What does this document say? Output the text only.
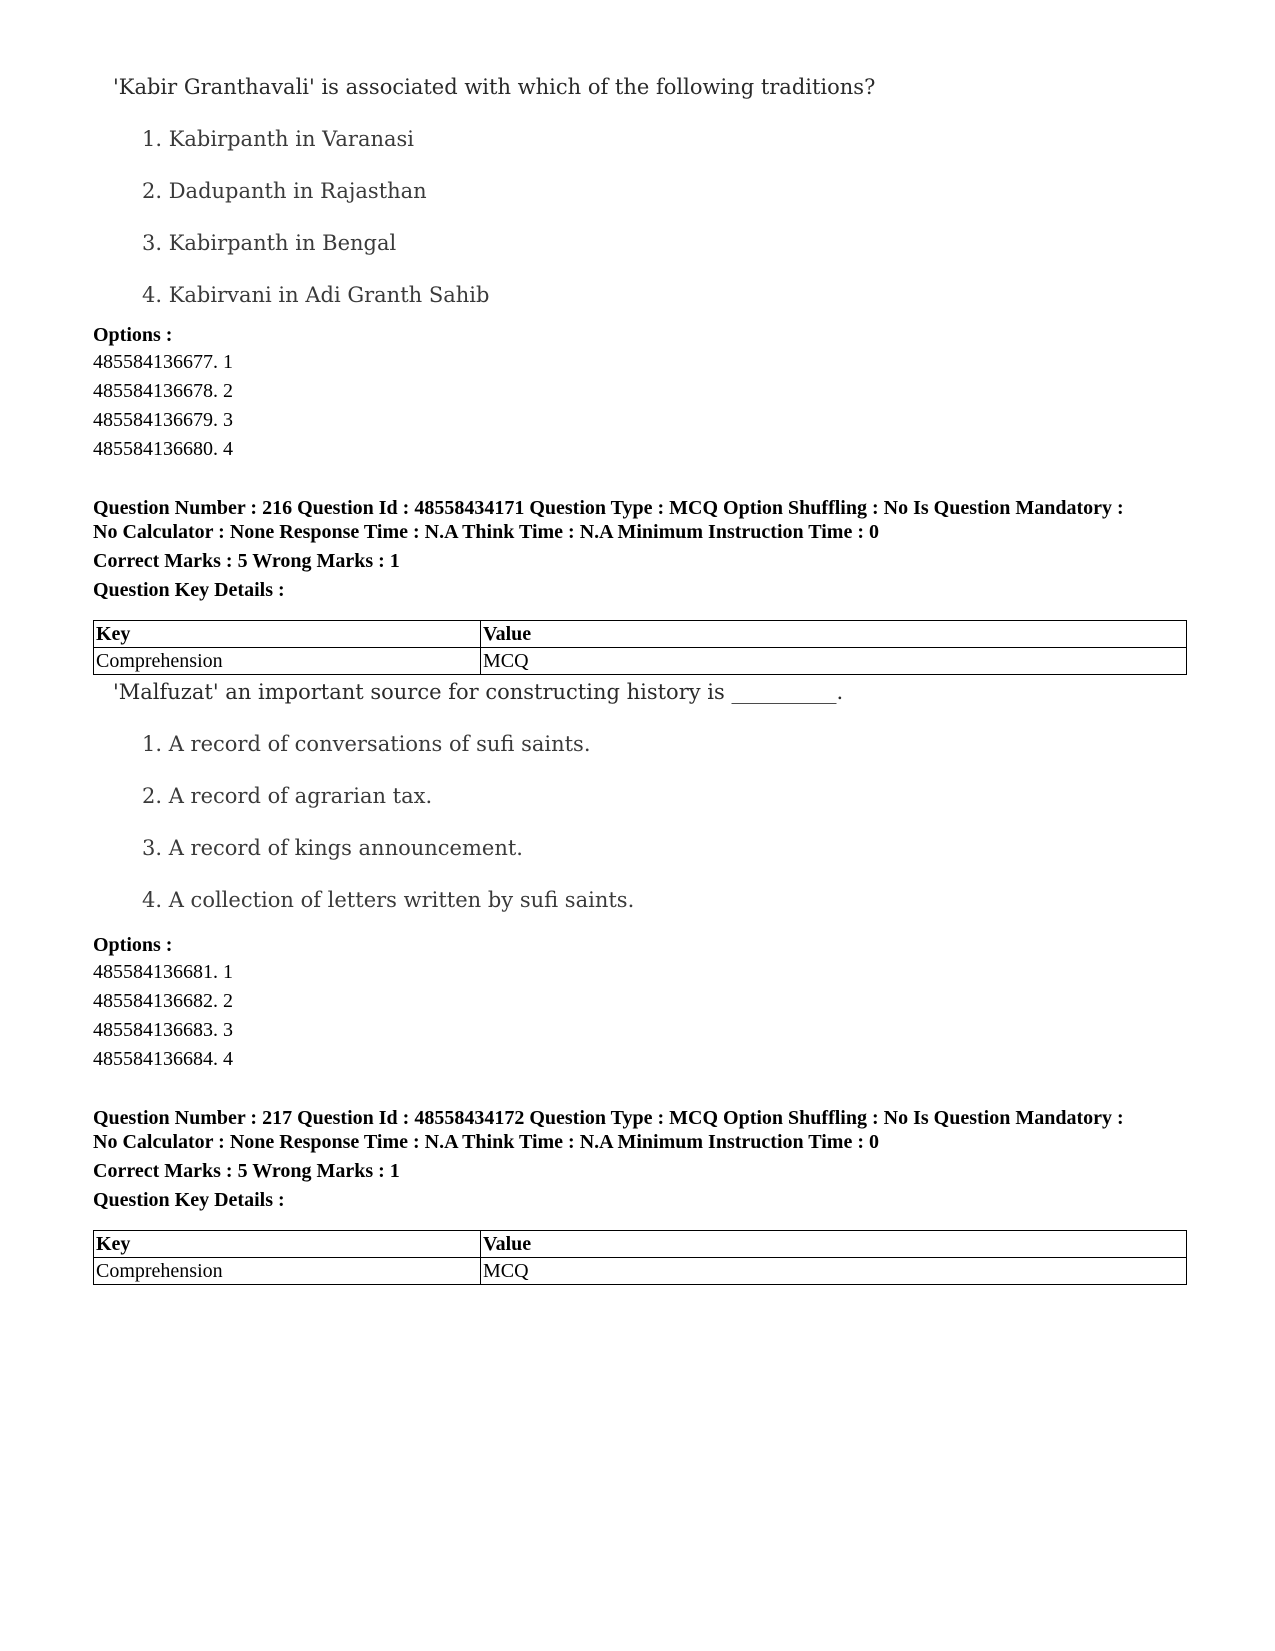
'Kabir Granthavali' is associated with which of the following traditions?
1. Kabirpanth in Varanasi
2. Dadupanth in Rajasthan
3. Kabirpanth in Bengal
4. Kabirvani in Adi Granth Sahib
Options :
485584136677. 1
485584136678. 2
485584136679. 3
485584136680. 4
Question Number : 216 Question Id : 48558434171 Question Type : MCQ Option Shuffling : No Is Question Mandatory :
No Calculator : None Response Time : N.A Think Time : N.A Minimum Instruction Time : 0
Correct Marks : 5 Wrong Marks : 1
Question Key Details :
Key	Value
Comprehension	MCQ
'Malfuzat' an important source for constructing history is __________.
1. A record of conversations of sufi saints.
2. A record of agrarian tax.
3. A record of kings announcement.
4. A collection of letters written by sufi saints.
Options :
485584136681. 1
485584136682. 2
485584136683. 3
485584136684. 4
Question Number : 217 Question Id : 48558434172 Question Type : MCQ Option Shuffling : No Is Question Mandatory :
No Calculator : None Response Time : N.A Think Time : N.A Minimum Instruction Time : 0
Correct Marks : 5 Wrong Marks : 1
Question Key Details :
Key	Value
Comprehension	MCQ
